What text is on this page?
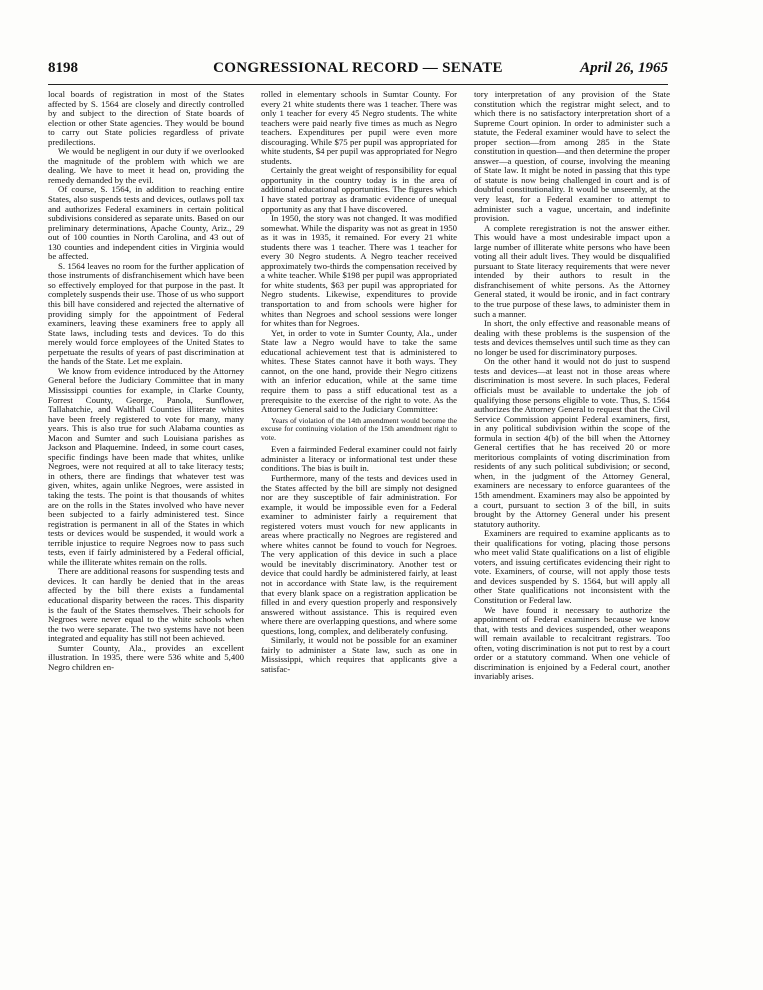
8198	CONGRESSIONAL RECORD — SENATE	April 26, 1965

local boards of registration in most of the States affected by S. 1564 are closely and directly controlled by and subject to the direction of State boards of election or other State agencies. They would be bound to carry out State policies regardless of private predilections.

We would be negligent in our duty if we overlooked the magnitude of the problem with which we are dealing. We have to meet it head on, providing the remedy demanded by the evil.

Of course, S. 1564, in addition to reaching entire States, also suspends tests and devices, outlaws poll tax and authorizes Federal examiners in certain political subdivisions considered as separate units. Based on our preliminary determinations, Apache County, Ariz., 29 out of 100 counties in North Carolina, and 43 out of 130 counties and independent cities in Virginia would be affected.

S. 1564 leaves no room for the further application of those instruments of disfranchisement which have been so effectively employed for that purpose in the past. It completely suspends their use. Those of us who support this bill have considered and rejected the alternative of providing simply for the appointment of Federal examiners, leaving these examiners free to apply all State laws, including tests and devices. To do this merely would force employees of the United States to perpetuate the results of years of past discrimination at the hands of the State. Let me explain.

We know from evidence introduced by the Attorney General before the Judiciary Committee that in many Mississippi counties for example, in Clarke County, Forrest County, George, Panola, Sunflower, Tallahatchie, and Walthall Counties illiterate whites have been freely registered to vote for many, many years. This is also true for such Alabama counties as Macon and Sumter and such Louisiana parishes as Jackson and Plaquemine. Indeed, in some court cases, specific findings have been made that whites, unlike Negroes, were not required at all to take literacy tests; in others, there are findings that whatever test was given, whites, again unlike Negroes, were assisted in taking the tests. The point is that thousands of whites are on the rolls in the States involved who have never been subjected to a fairly administered test. Since registration is permanent in all of the States in which tests or devices would be suspended, it would work a terrible injustice to require Negroes now to pass such tests, even if fairly administered by a Federal official, while the illiterate whites remain on the rolls.

There are additional reasons for suspending tests and devices. It can hardly be denied that in the areas affected by the bill there exists a fundamental educational disparity between the races. This disparity is the fault of the States themselves. Their schools for Negroes were never equal to the white schools when the two were separate. The two systems have not been integrated and equality has still not been achieved.

Sumter County, Ala., provides an excellent illustration. In 1935, there were 536 white and 5,400 Negro children en-

rolled in elementary schools in Sumtar County. For every 21 white students there was 1 teacher. There was only 1 teacher for every 45 Negro students. The white teachers were paid nearly five times as much as Negro teachers. Expenditures per pupil were even more discouraging. While $75 per pupil was appropriated for white students, $4 per pupil was appropriated for Negro students.

Certainly the great weight of responsibility for equal opportunity in the country today is in the area of additional educational opportunities. The figures which I have stated portray as dramatic evidence of unequal opportunity as any that I have discovered.

In 1950, the story was not changed. It was modified somewhat. While the disparity was not as great in 1950 as it was in 1935, it remained. For every 21 white students there was 1 teacher. There was 1 teacher for every 30 Negro students. A Negro teacher received approximately two-thirds the compensation received by a white teacher. While $198 per pupil was appropriated for white students, $63 per pupil was appropriated for Negro students. Likewise, expenditures to provide transportation to and from schools were higher for whites than Negroes and school sessions were longer for whites than for Negroes.

Yet, in order to vote in Sumter County, Ala., under State law a Negro would have to take the same educational achievement test that is administered to whites. These States cannot have it both ways. They cannot, on the one hand, provide their Negro citizens with an inferior education, while at the same time require them to pass a stiff educational test as a prerequisite to the exercise of the right to vote. As the Attorney General said to the Judiciary Committee:

Years of violation of the 14th amendment would become the excuse for continuing violation of the 15th amendment right to vote.

Even a fairminded Federal examiner could not fairly administer a literacy or informational test under these conditions. The bias is built in.

Furthermore, many of the tests and devices used in the States affected by the bill are simply not designed nor are they susceptible of fair administration. For example, it would be impossible even for a Federal examiner to administer fairly a requirement that registered voters must vouch for new applicants in areas where practically no Negroes are registered and where whites cannot be found to vouch for Negroes. The very application of this device in such a place would be inevitably discriminatory. Another test or device that could hardly be administered fairly, at least not in accordance with State law, is the requirement that every blank space on a registration application be filled in and every question properly and responsively answered without assistance. This is required even where there are overlapping questions, and where some questions, long, complex, and deliberately confusing.

Similarly, it would not be possible for an examiner fairly to administer a State law, such as one in Mississippi, which requires that applicants give a satisfac-

tory interpretation of any provision of the State constitution which the registrar might select, and to which there is no satisfactory interpretation short of a Supreme Court opinion. In order to administer such a statute, the Federal examiner would have to select the proper section—from among 285 in the State constitution in question—and then determine the proper answer—a question, of course, involving the meaning of State law. It might be noted in passing that this type of statute is now being challenged in court and is of doubtful constitutionality. It would be unseemly, at the very least, for a Federal examiner to attempt to administer such a vague, uncertain, and indefinite provision.

A complete reregistration is not the answer either. This would have a most undesirable impact upon a large number of illiterate white persons who have been voting all their adult lives. They would be disqualified pursuant to State literacy requirements that were never intended by their authors to result in the disfranchisement of white persons. As the Attorney General stated, it would be ironic, and in fact contrary to the true purpose of these laws, to administer them in such a manner.

In short, the only effective and reasonable means of dealing with these problems is the suspension of the tests and devices themselves until such time as they can no longer be used for discriminatory purposes.

On the other hand it would not do just to suspend tests and devices—at least not in those areas where discrimination is most severe. In such places, Federal officials must be available to undertake the job of qualifying those persons eligible to vote. Thus, S. 1564 authorizes the Attorney General to request that the Civil Service Commission appoint Federal examiners, first, in any political subdivision within the scope of the formula in section 4(b) of the bill when the Attorney General certifies that he has received 20 or more meritorious complaints of voting discrimination from residents of any such political subdivision; or second, when, in the judgment of the Attorney General, examiners are necessary to enforce guarantees of the 15th amendment. Examiners may also be appointed by a court, pursuant to section 3 of the bill, in suits brought by the Attorney General under his present statutory authority.

Examiners are required to examine applicants as to their qualifications for voting, placing those persons who meet valid State qualifications on a list of eligible voters, and issuing certificates evidencing their right to vote. Examiners, of course, will not apply those tests and devices suspended by S. 1564, but will apply all other State qualifications not inconsistent with the Constitution or Federal law.

We have found it necessary to authorize the appointment of Federal examiners because we know that, with tests and devices suspended, other weapons will remain available to recalcitrant registrars. Too often, voting discrimination is not put to rest by a court order or a statutory command. When one vehicle of discrimination is enjoined by a Federal court, another invariably arises.
